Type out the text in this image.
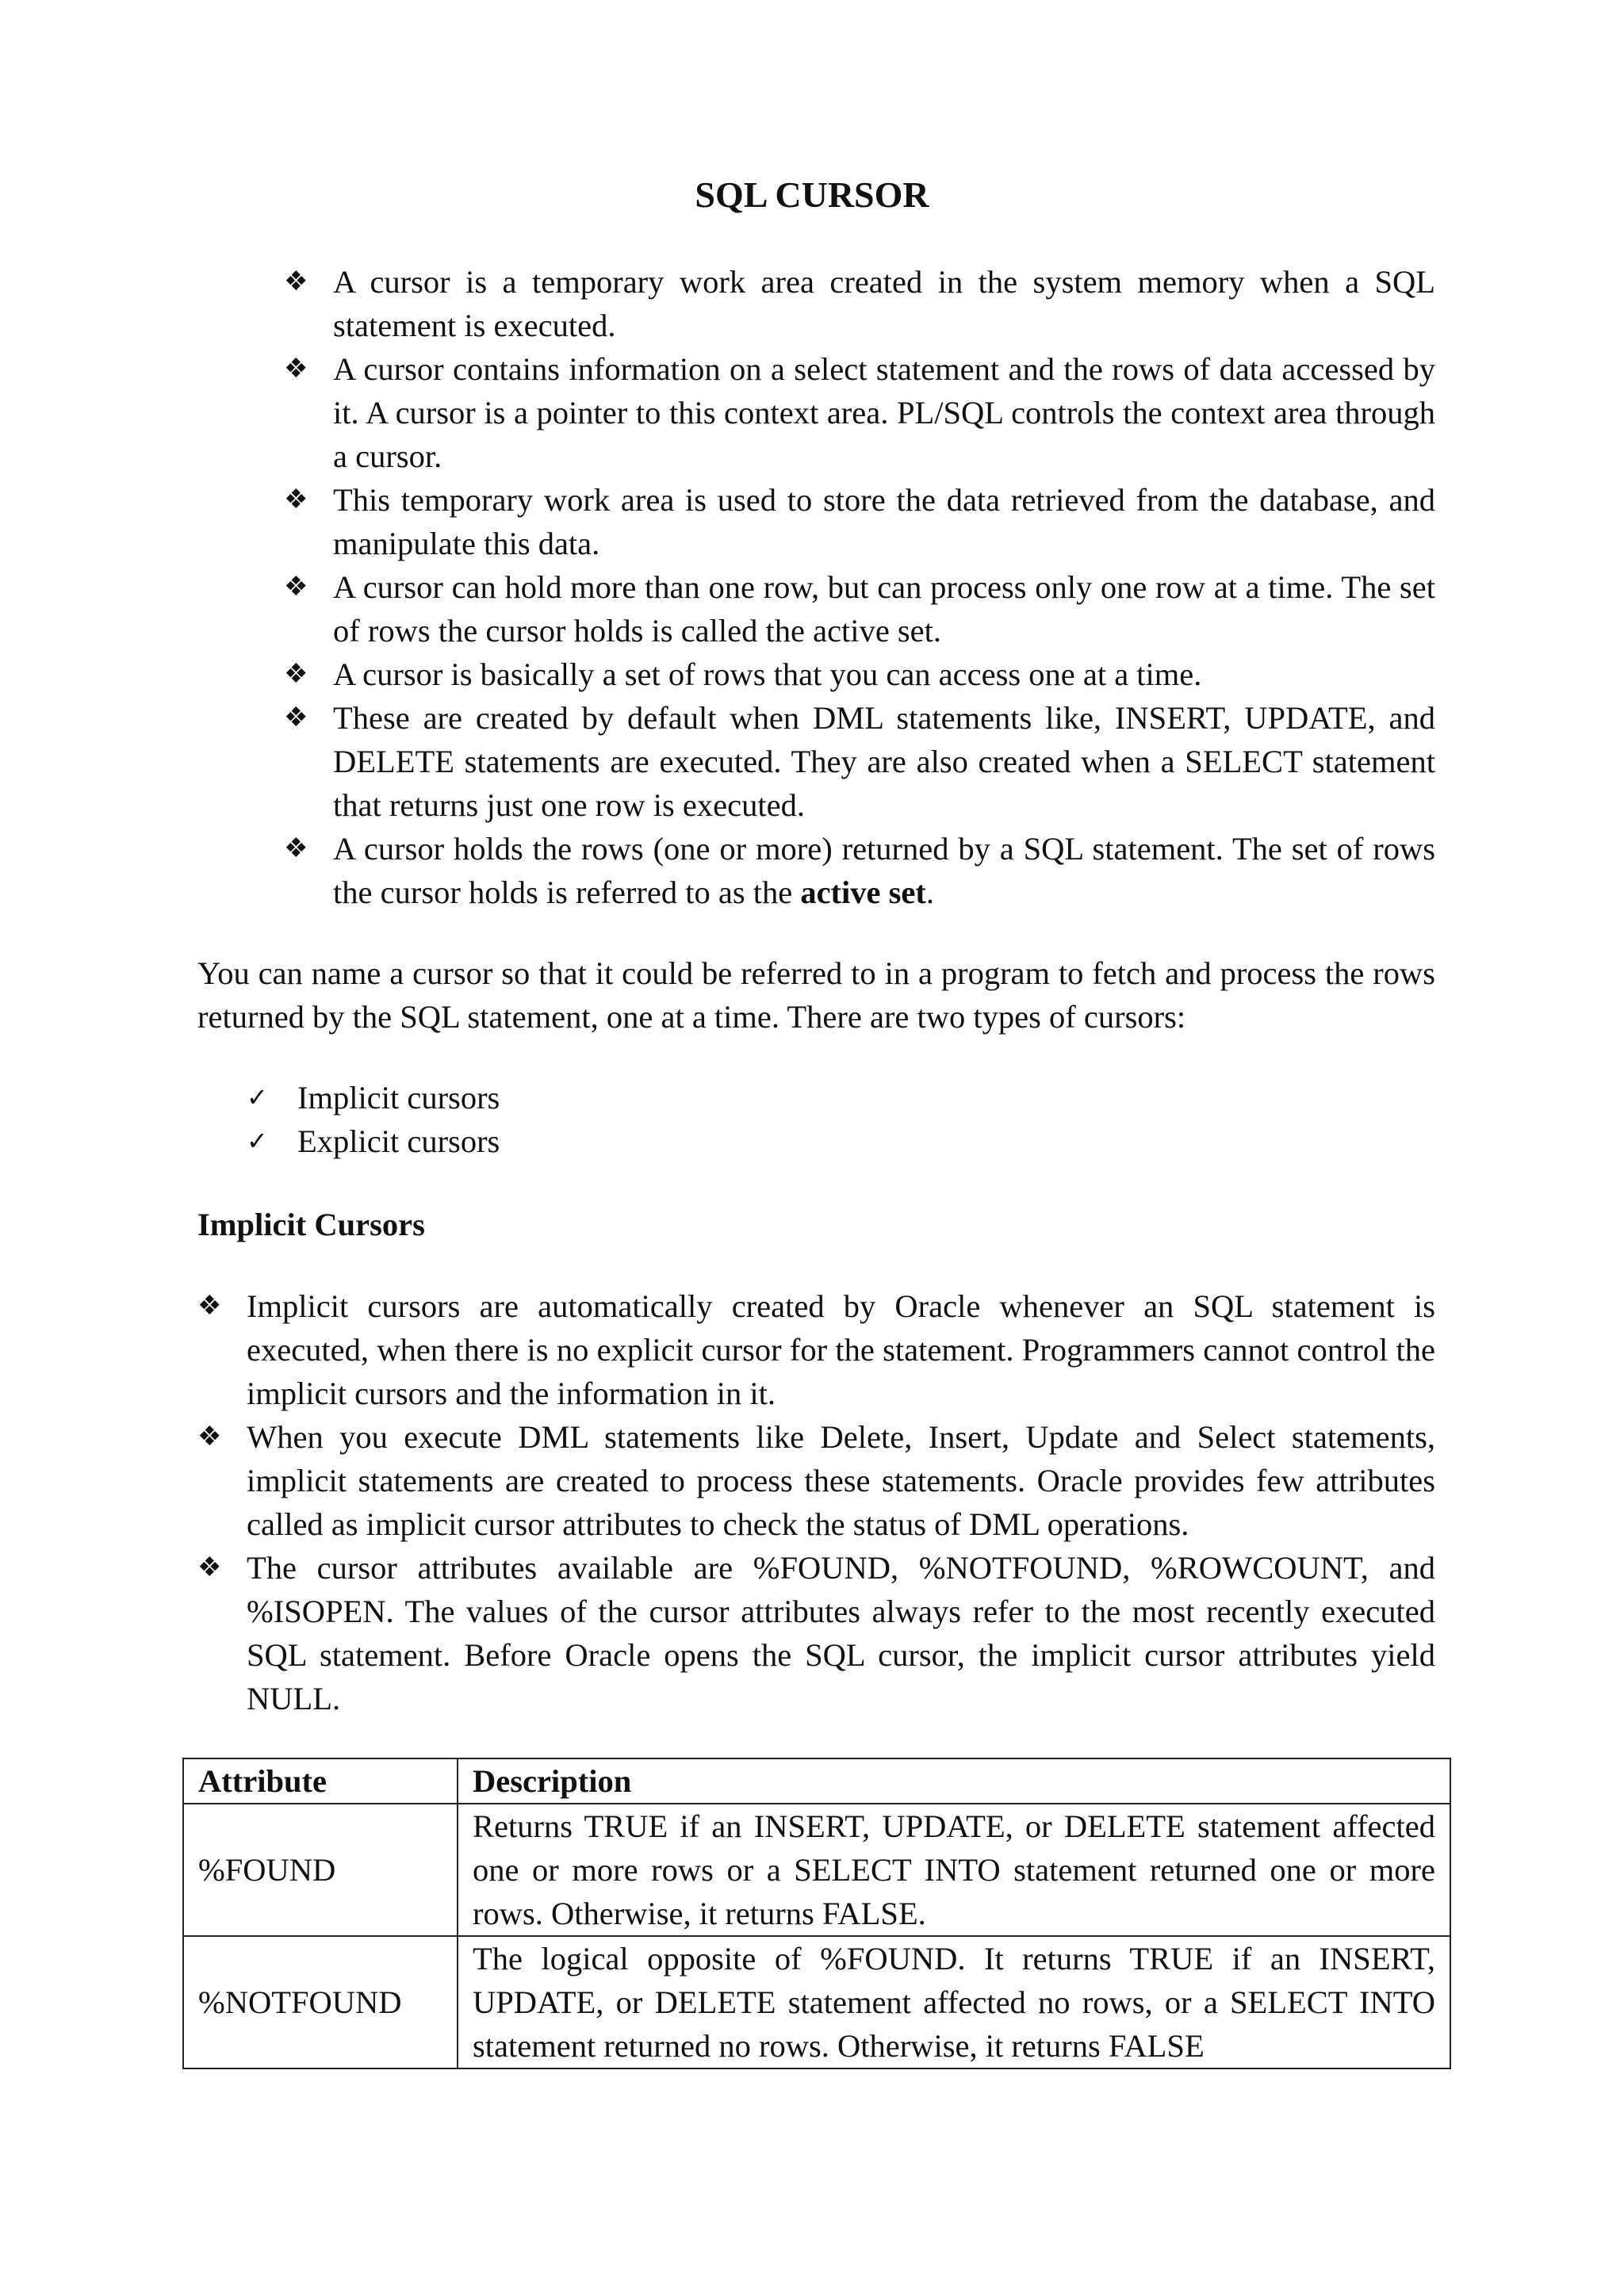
SQL CURSOR
❖ A cursor is a temporary work area created in the system memory when a SQL statement is executed.
❖ A cursor contains information on a select statement and the rows of data accessed by it. A cursor is a pointer to this context area. PL/SQL controls the context area through a cursor.
❖ This temporary work area is used to store the data retrieved from the database, and manipulate this data.
❖ A cursor can hold more than one row, but can process only one row at a time. The set of rows the cursor holds is called the active set.
❖ A cursor is basically a set of rows that you can access one at a time.
❖ These are created by default when DML statements like, INSERT, UPDATE, and DELETE statements are executed. They are also created when a SELECT statement that returns just one row is executed.
❖ A cursor holds the rows (one or more) returned by a SQL statement. The set of rows the cursor holds is referred to as the active set.

You can name a cursor so that it could be referred to in a program to fetch and process the rows returned by the SQL statement, one at a time. There are two types of cursors:

✓ Implicit cursors
✓ Explicit cursors
Implicit Cursors
❖ Implicit cursors are automatically created by Oracle whenever an SQL statement is executed, when there is no explicit cursor for the statement. Programmers cannot control the implicit cursors and the information in it.
❖ When you execute DML statements like Delete, Insert, Update and Select statements, implicit statements are created to process these statements. Oracle provides few attributes called as implicit cursor attributes to check the status of DML operations.
❖ The cursor attributes available are %FOUND, %NOTFOUND, %ROWCOUNT, and %ISOPEN. The values of the cursor attributes always refer to the most recently executed SQL statement. Before Oracle opens the SQL cursor, the implicit cursor attributes yield NULL.
Attribute	Description
%FOUND	Returns TRUE if an INSERT, UPDATE, or DELETE statement affected one or more rows or a SELECT INTO statement returned one or more rows. Otherwise, it returns FALSE.
%NOTFOUND	The logical opposite of %FOUND. It returns TRUE if an INSERT, UPDATE, or DELETE statement affected no rows, or a SELECT INTO statement returned no rows. Otherwise, it returns FALSE
